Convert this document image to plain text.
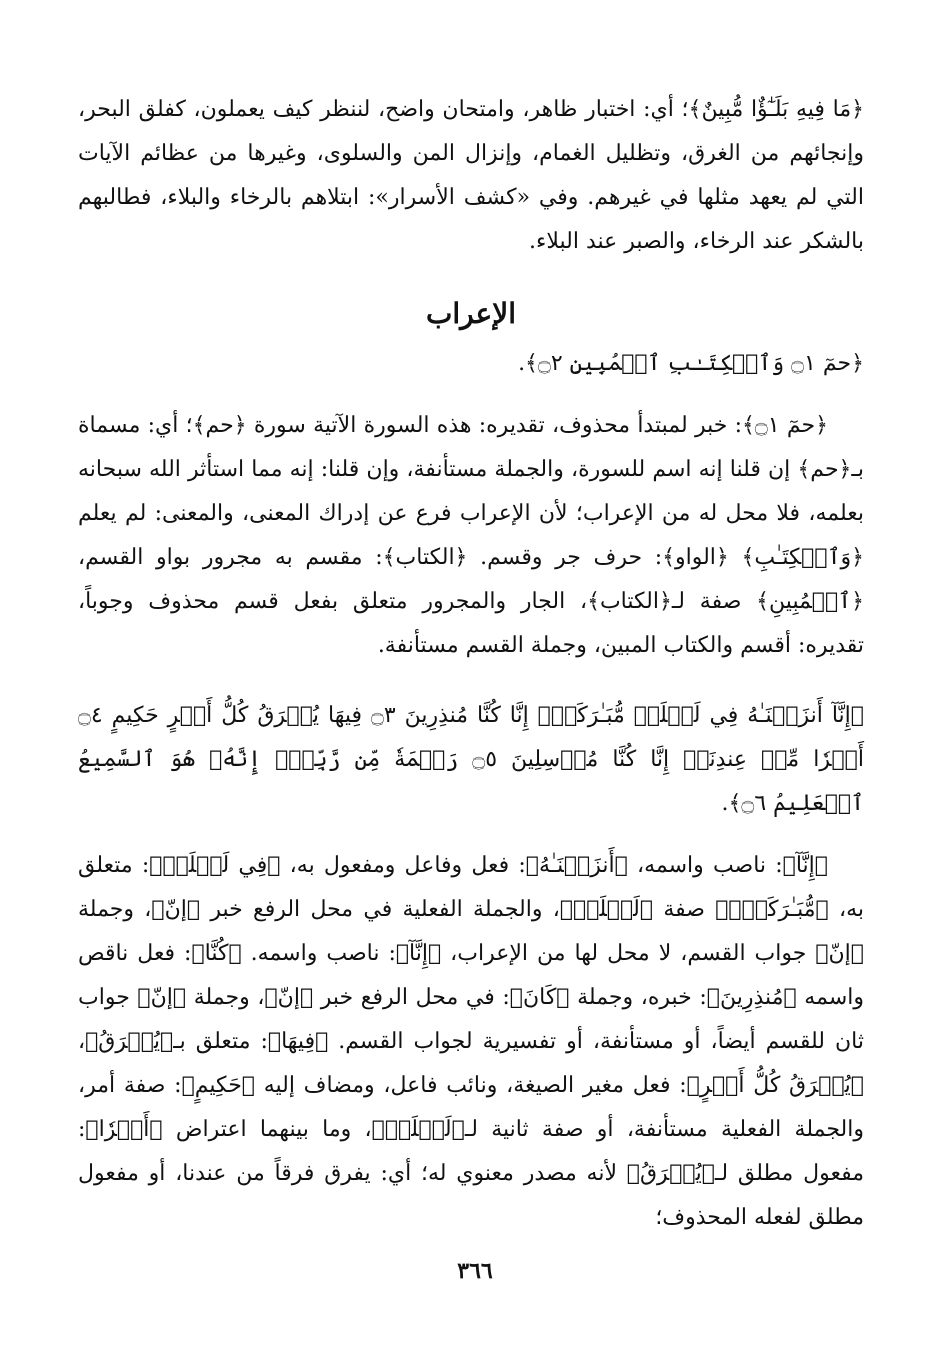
﴿مَا فِيهِ بَلَـٰٓؤٌا مُّبِينٌ﴾؛ أي: اختبار ظاهر، وامتحان واضح، لننظر كيف يعملون، كفلق البحر، وإنجائهم من الغرق، وتظليل الغمام، وإنزال المن والسلوى، وغيرها من عظائم الآيات التي لم يعهد مثلها في غيرهم. وفي «كشف الأسرار»: ابتلاهم بالرخاء والبلاء، فطالبهم بالشكر عند الرخاء، والصبر عند البلاء.

الإعراب

﴿حمٓ ۝١ وَٱلۡكِتَـٰبِ ٱلۡمُبِينِ ۝٢﴾.

﴿حمٓ ۝١﴾: خبر لمبتدأ محذوف، تقديره: هذه السورة الآتية سورة ﴿حم﴾؛ أي: مسماة بـ﴿حم﴾ إن قلنا إنه اسم للسورة، والجملة مستأنفة، وإن قلنا: إنه مما استأثر الله سبحانه بعلمه، فلا محل له من الإعراب؛ لأن الإعراب فرع عن إدراك المعنى، والمعنى: لم يعلم ﴿وَٱلۡكِتَـٰبِ﴾ ﴿الواو﴾: حرف جر وقسم. ﴿الكتاب﴾: مقسم به مجرور بواو القسم، ﴿ٱلۡمُبِينِ﴾ صفة لـ﴿الكتاب﴾، الجار والمجرور متعلق بفعل قسم محذوف وجوباً، تقديره: أقسم والكتاب المبين، وجملة القسم مستأنفة.

﴿إِنَّآ أَنزَلۡنَـٰهُ فِي لَيۡلَةٖ مُّبَـٰرَكَةٍۚ إِنَّا كُنَّا مُنذِرِينَ ۝٣ فِيهَا يُفۡرَقُ كُلُّ أَمۡرٍ حَكِيمٍ ۝٤ أَمۡرٗا مِّنۡ عِندِنَآۚ إِنَّا كُنَّا مُرۡسِلِينَ ۝٥ رَحۡمَةٗ مِّن رَّبِّكَۚ إِنَّهُۥ هُوَ ٱلسَّمِيعُ ٱلۡعَلِيمُ ۝٦﴾.

﴿إِنَّآ﴾: ناصب واسمه، ﴿أَنزَلۡنَـٰهُ﴾: فعل وفاعل ومفعول به، ﴿فِي لَيۡلَةٖ﴾: متعلق به، ﴿مُّبَـٰرَكَةٍۚ﴾ صفة ﴿لَيۡلَةٖ﴾، والجملة الفعلية في محل الرفع خبر ﴿إنّ﴾، وجملة ﴿إنّ﴾ جواب القسم، لا محل لها من الإعراب، ﴿إِنَّآ﴾: ناصب واسمه. ﴿كُنَّا﴾: فعل ناقص واسمه ﴿مُنذِرِينَ﴾: خبره، وجملة ﴿كَانَ﴾: في محل الرفع خبر ﴿إنّ﴾، وجملة ﴿إنّ﴾ جواب ثان للقسم أيضاً، أو مستأنفة، أو تفسيرية لجواب القسم. ﴿فِيهَا﴾: متعلق بـ﴿يُفۡرَقُ﴾، ﴿يُفۡرَقُ كُلُّ أَمۡرٍ﴾: فعل مغير الصيغة، ونائب فاعل، ومضاف إليه ﴿حَكِيمٍ﴾: صفة أمر، والجملة الفعلية مستأنفة، أو صفة ثانية لـ﴿لَيۡلَةٖ﴾، وما بينهما اعتراض ﴿أَمۡرٗا﴾: مفعول مطلق لـ﴿يُفۡرَقُ﴾ لأنه مصدر معنوي له؛ أي: يفرق فرقاً من عندنا، أو مفعول مطلق لفعله المحذوف؛

٣٦٦
